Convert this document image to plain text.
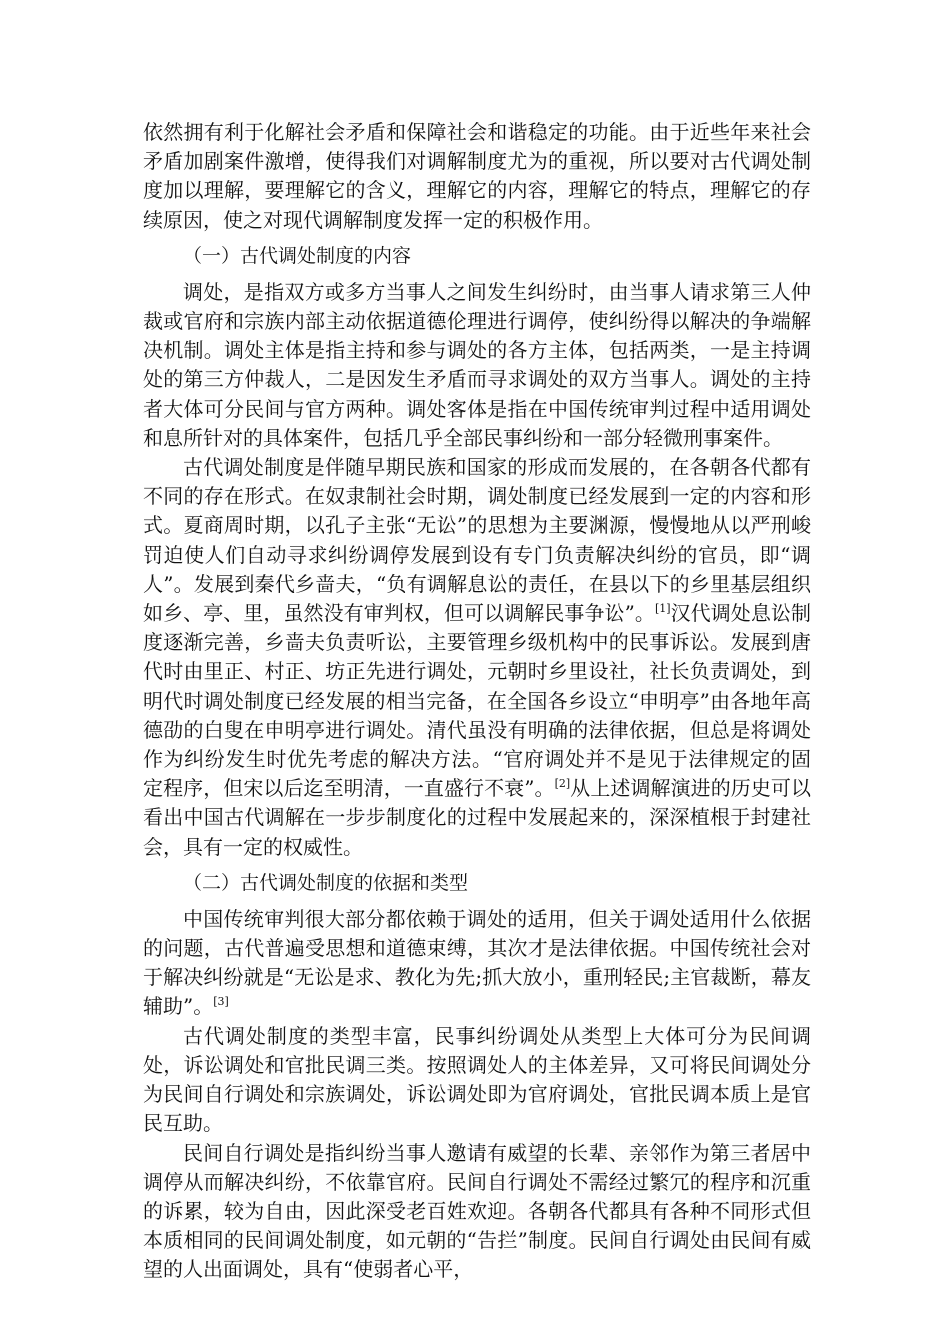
依然拥有利于化解社会矛盾和保障社会和谐稳定的功能。由于近些年来社会矛盾加剧案件激增，使得我们对调解制度尤为的重视，所以要对古代调处制度加以理解，要理解它的含义，理解它的内容，理解它的特点，理解它的存续原因，使之对现代调解制度发挥一定的积极作用。

（一）古代调处制度的内容

调处，是指双方或多方当事人之间发生纠纷时，由当事人请求第三人仲裁或官府和宗族内部主动依据道德伦理进行调停，使纠纷得以解决的争端解决机制。调处主体是指主持和参与调处的各方主体，包括两类，一是主持调处的第三方仲裁人，二是因发生矛盾而寻求调处的双方当事人。调处的主持者大体可分民间与官方两种。调处客体是指在中国传统审判过程中适用调处和息所针对的具体案件，包括几乎全部民事纠纷和一部分轻微刑事案件。

古代调处制度是伴随早期民族和国家的形成而发展的，在各朝各代都有不同的存在形式。在奴隶制社会时期，调处制度已经发展到一定的内容和形式。夏商周时期，以孔子主张“无讼”的思想为主要渊源，慢慢地从以严刑峻罚迫使人们自动寻求纠纷调停发展到设有专门负责解决纠纷的官员，即“调人”。发展到秦代乡啬夫，“负有调解息讼的责任，在县以下的乡里基层组织如乡、亭、里，虽然没有审判权，但可以调解民事争讼”。[1]汉代调处息讼制度逐渐完善，乡啬夫负责听讼，主要管理乡级机构中的民事诉讼。发展到唐代时由里正、村正、坊正先进行调处，元朝时乡里设社，社长负责调处，到明代时调处制度已经发展的相当完备，在全国各乡设立“申明亭”由各地年高德劭的白叟在申明亭进行调处。清代虽没有明确的法律依据，但总是将调处作为纠纷发生时优先考虑的解决方法。“官府调处并不是见于法律规定的固定程序，但宋以后迄至明清，一直盛行不衰”。[2]从上述调解演进的历史可以看出中国古代调解在一步步制度化的过程中发展起来的，深深植根于封建社会，具有一定的权威性。

（二）古代调处制度的依据和类型

中国传统审判很大部分都依赖于调处的适用，但关于调处适用什么依据的问题，古代普遍受思想和道德束缚，其次才是法律依据。中国传统社会对于解决纠纷就是“无讼是求、教化为先;抓大放小，重刑轻民;主官裁断，幕友辅助”。[3]

古代调处制度的类型丰富，民事纠纷调处从类型上大体可分为民间调处，诉讼调处和官批民调三类。按照调处人的主体差异，又可将民间调处分为民间自行调处和宗族调处，诉讼调处即为官府调处，官批民调本质上是官民互助。

民间自行调处是指纠纷当事人邀请有威望的长辈、亲邻作为第三者居中调停从而解决纠纷，不依靠官府。民间自行调处不需经过繁冗的程序和沉重的诉累，较为自由，因此深受老百姓欢迎。各朝各代都具有各种不同形式但本质相同的民间调处制度，如元朝的“告拦”制度。民间自行调处由民间有威望的人出面调处，具有“使弱者心平，
